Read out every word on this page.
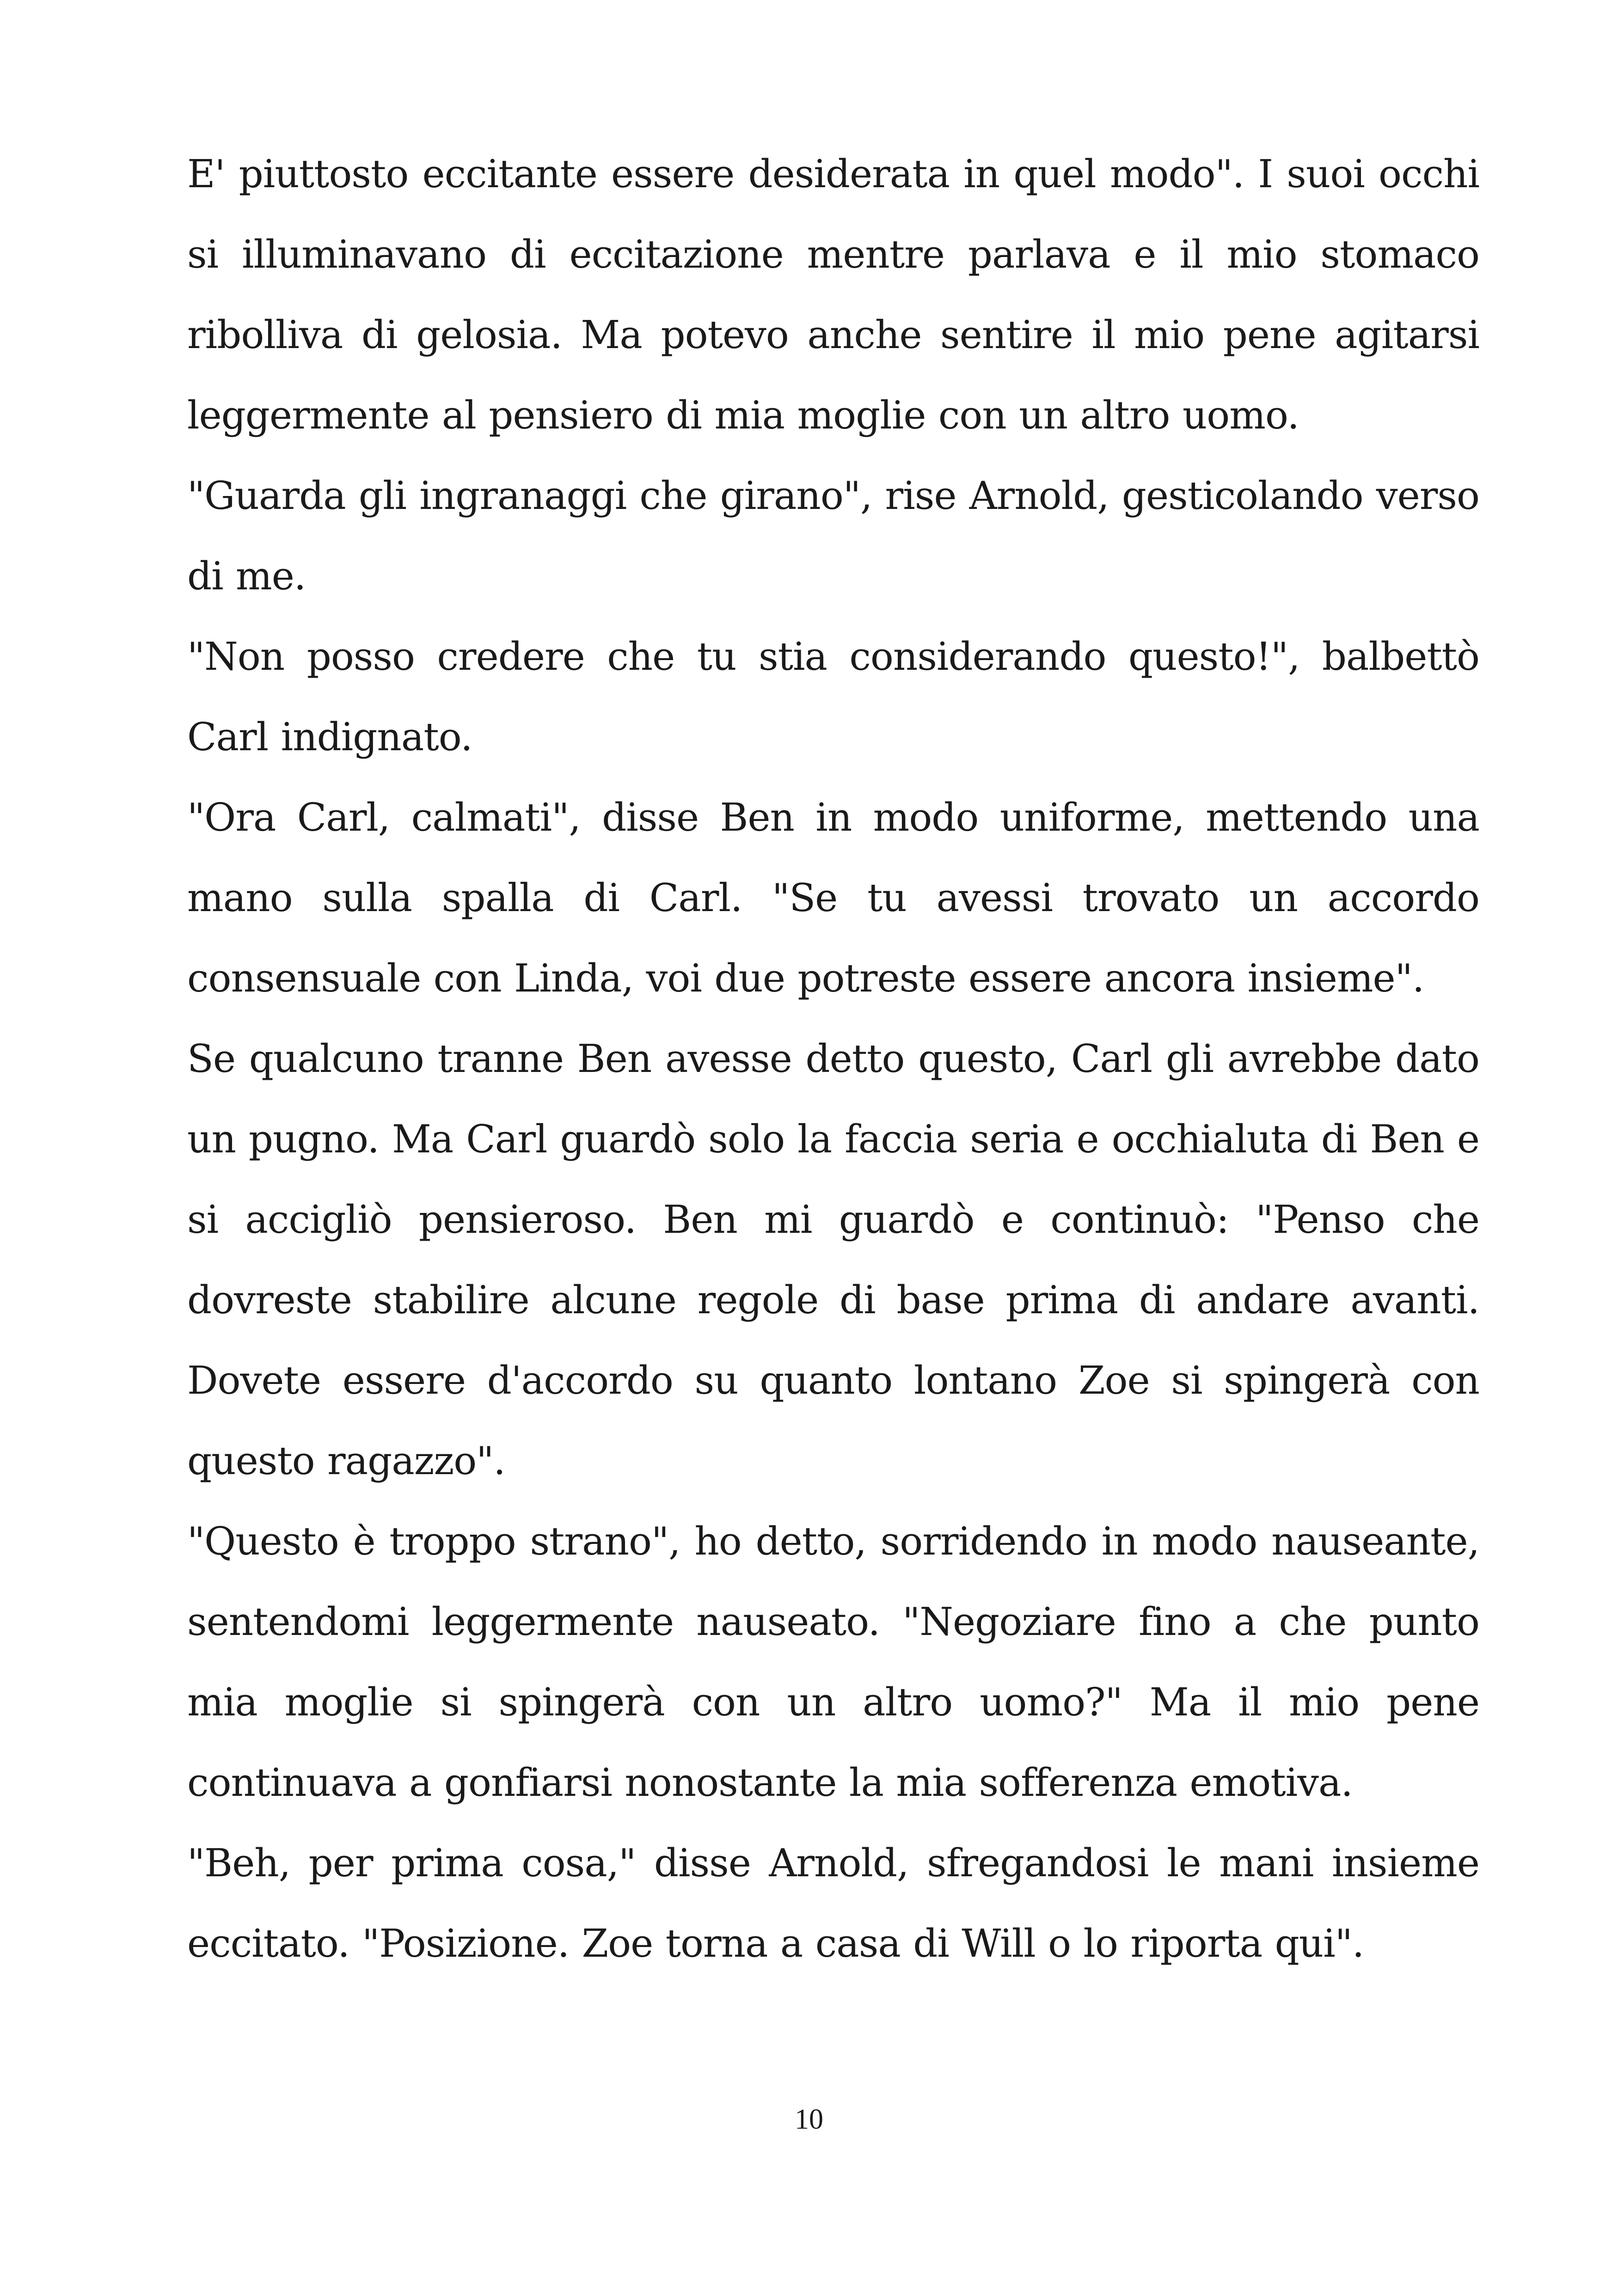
E' piuttosto eccitante essere desiderata in quel modo". I suoi occhi si illuminavano di eccitazione mentre parlava e il mio stomaco ribolliva di gelosia. Ma potevo anche sentire il mio pene agitarsi leggermente al pensiero di mia moglie con un altro uomo.

"Guarda gli ingranaggi che girano", rise Arnold, gesticolando verso di me.

"Non posso credere che tu stia considerando questo!", balbettò Carl indignato.

"Ora Carl, calmati", disse Ben in modo uniforme, mettendo una mano sulla spalla di Carl. "Se tu avessi trovato un accordo consensuale con Linda, voi due potreste essere ancora insieme".

Se qualcuno tranne Ben avesse detto questo, Carl gli avrebbe dato un pugno. Ma Carl guardò solo la faccia seria e occhialuta di Ben e si accigliò pensieroso. Ben mi guardò e continuò: "Penso che dovreste stabilire alcune regole di base prima di andare avanti. Dovete essere d'accordo su quanto lontano Zoe si spingerà con questo ragazzo".

"Questo è troppo strano", ho detto, sorridendo in modo nauseante, sentendomi leggermente nauseato. "Negoziare fino a che punto mia moglie si spingerà con un altro uomo?" Ma il mio pene continuava a gonfiarsi nonostante la mia sofferenza emotiva.

"Beh, per prima cosa," disse Arnold, sfregandosi le mani insieme eccitato. "Posizione. Zoe torna a casa di Will o lo riporta qui".

10
